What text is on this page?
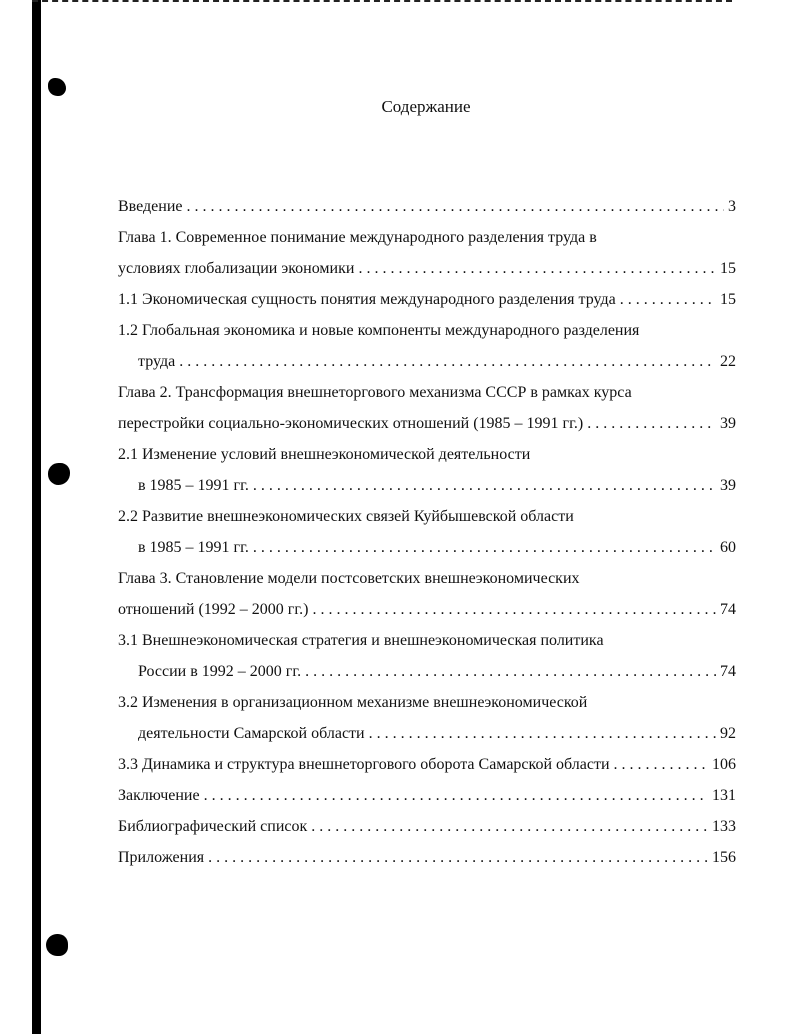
Содержание
Введение . . .	3
Глава 1. Современное понимание международного разделения труда в
условиях глобализации экономики . . .	15
1.1 Экономическая сущность понятия международного разделения труда . . .	15
1.2 Глобальная экономика и новые компоненты международного разделения
труда . . .	22
Глава 2. Трансформация внешнеторгового механизма СССР в рамках курса
перестройки социально-экономических отношений (1985 – 1991 гг.) . . .	39
2.1 Изменение условий внешнеэкономической деятельности
в 1985 – 1991 гг. . . .	39
2.2 Развитие внешнеэкономических связей Куйбышевской области
в 1985 – 1991 гг. . . .	60
Глава 3. Становление модели постсоветских внешнеэкономических
отношений (1992 – 2000 гг.) . . .	74
3.1 Внешнеэкономическая стратегия и внешнеэкономическая политика
России в 1992 – 2000 гг. . . .	74
3.2 Изменения в организационном механизме внешнеэкономической
деятельности Самарской области . . .	92
3.3 Динамика и структура внешнеторгового оборота Самарской области . . .	106
Заключение . . .	131
Библиографический список . . .	133
Приложения . . .	156
